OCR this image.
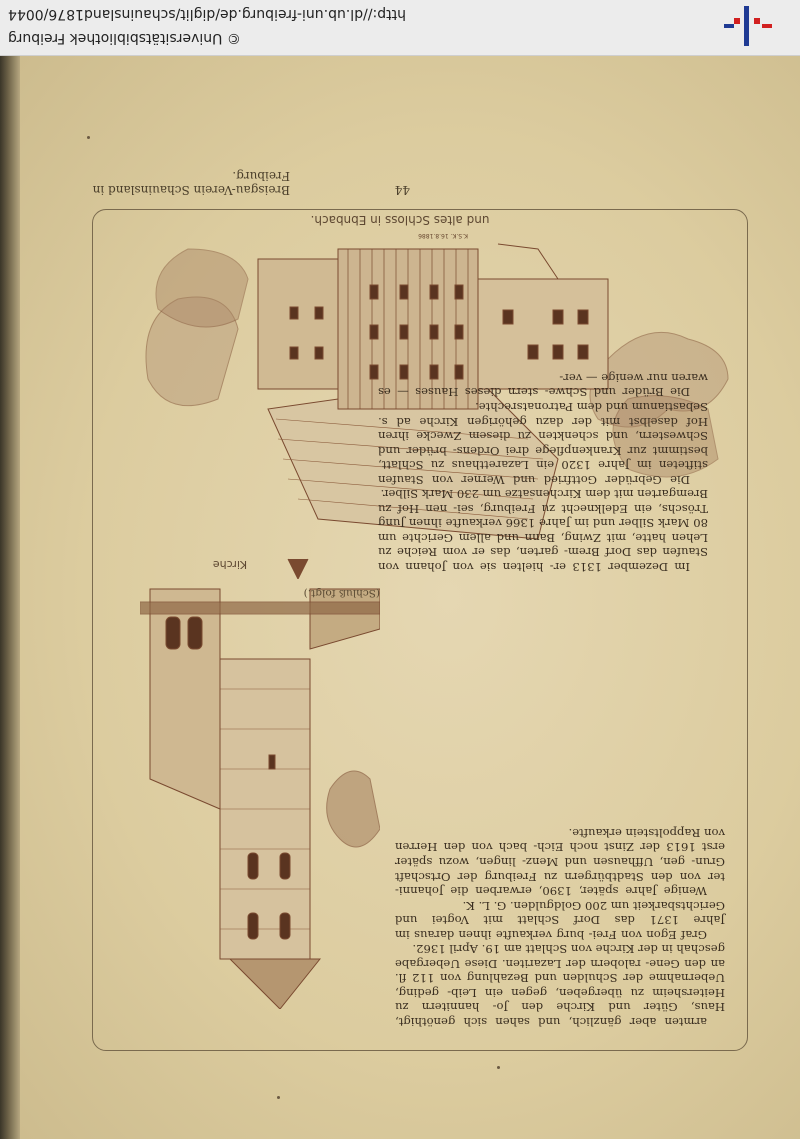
http://dl.ub.uni-freiburg.de/diglit/schauinsland1876/0044
© Universitätsbibliothek Freiburg
44
Breisgau-Verein Schauinsland in Freiburg.
K.S.K. 16.8.1886
und altes Schloss in Ebnbach.
Kirche

armten aber gänzlich, und sahen sich genöthigt, Haus, Güter und Kirche den Jo- hannitern zu Heitersheim zu übergeben, gegen ein Leib- geding, Uebernahme der Schulden und Bezahlung von 112 fl. an den Gene- ralobern der Lazariten. Diese Uebergabe geschah in der Kirche von Schlatt am 19. April 1362.

Graf Egon von Frei- burg verkaufte ihnen daraus im Jahre 1371 das Dorf Schlatt mit Vogtei und Gerichtsbarkeit um 200 Goldgulden. G. L. K.

Wenige Jahre später, 1390, erwarben die Johanni- ter von den Stadtbürgern zu Freiburg der Ortschaft Grun- gen, Uffhausen und Menz- lingen, wozu später erst 1613 der Zinst noch Eich- bach von den Herren von Rappoltstein erkaufte.

Im Dezember 1313 er- hielten sie von Johann von Staufen das Dorf Brem- garten, das er vom Reiche zu Lehen hatte, mit Zwing, Bann und allem Gerichte um 80 Mark Silber und im Jahre 1366 verkaufte ihnen Jung Tröschs, ein Edelknecht zu Freiburg, sei- nen Hof zu Bremgarten mit dem Kirchensatze um 230 Mark Silber.

Die Gebrüder Gottfried und Werner von Staufen stifteten im Jahre 1320 ein Lazaretthaus zu Schlatt, bestimmt zur Krankenpflege drei Ordens- brüder und Schwestern, und schenkten zu diesem Zwecke ihren Hof daselbst mit der dazu gehörigen Kirche ad s. Sebastianum und dem Patronatsrechte.

Die Brüder und Schwe- stern dieses Hauses — es waren nur wenige — ver-

(Schluß folgt.)
